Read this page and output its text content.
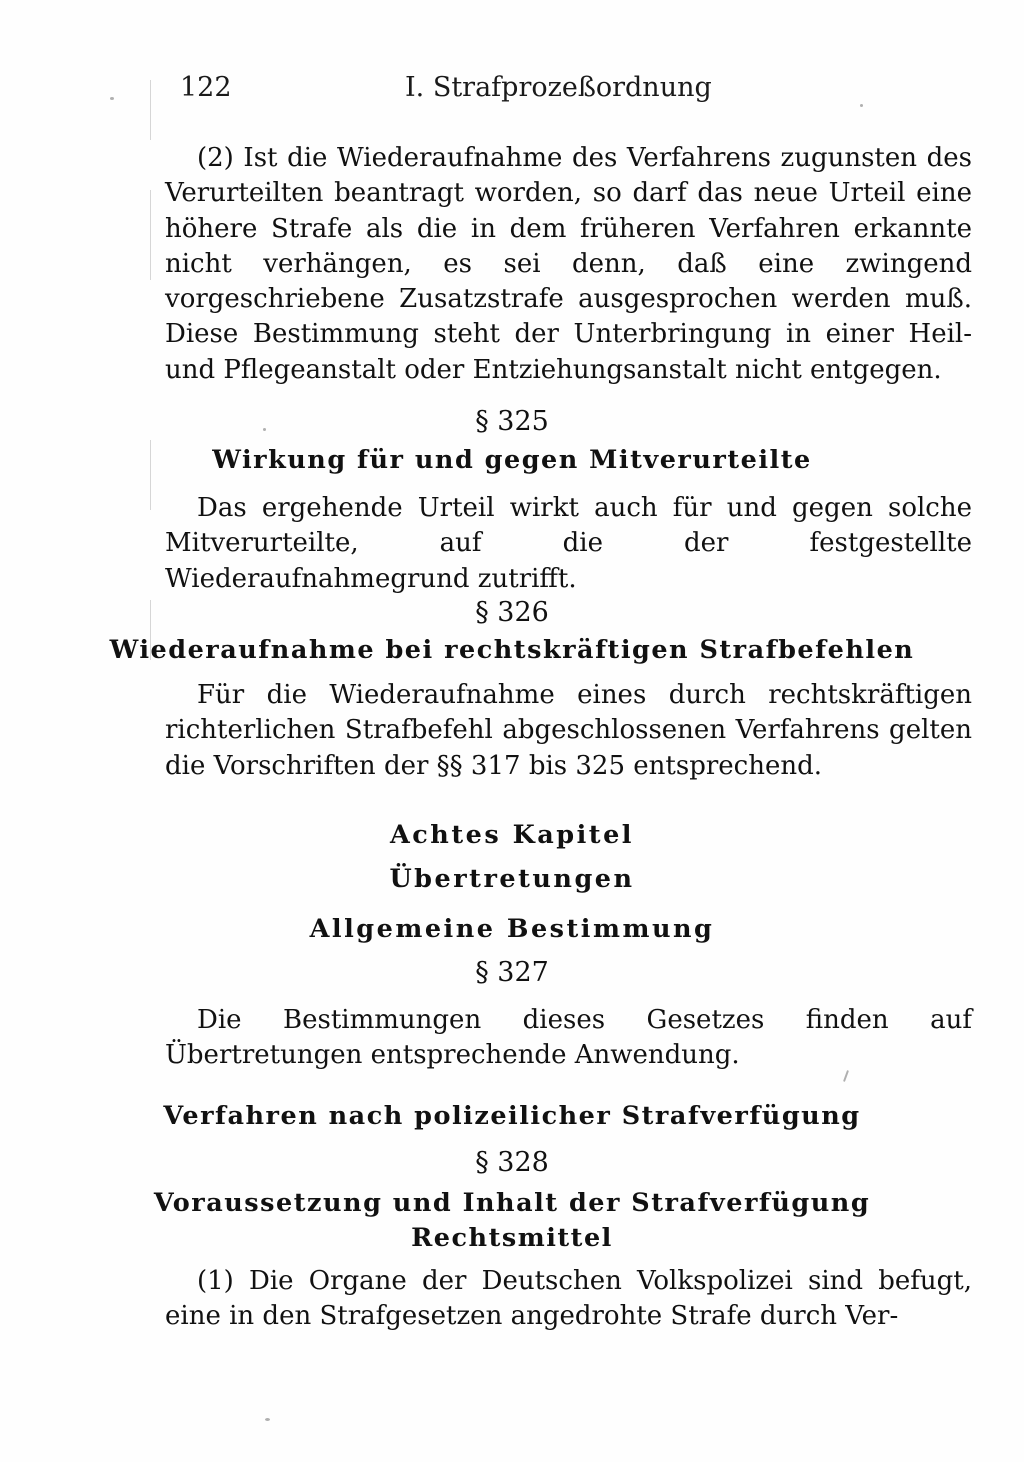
122	I. Strafprozeßordnung

(2) Ist die Wiederaufnahme des Verfahrens zugunsten des Verurteilten beantragt worden, so darf das neue Urteil eine höhere Strafe als die in dem früheren Verfahren erkannte nicht verhängen, es sei denn, daß eine zwingend vorgeschriebene Zusatzstrafe ausgesprochen werden muß. Diese Bestimmung steht der Unterbringung in einer Heil- und Pflegeanstalt oder Entziehungsanstalt nicht entgegen.

§ 325

Wirkung für und gegen Mitverurteilte

Das ergehende Urteil wirkt auch für und gegen solche Mitverurteilte, auf die der festgestellte Wiederaufnahmegrund zutrifft.

§ 326

Wiederaufnahme bei rechtskräftigen Strafbefehlen

Für die Wiederaufnahme eines durch rechtskräftigen richterlichen Strafbefehl abgeschlossenen Verfahrens gelten die Vorschriften der §§ 317 bis 325 entsprechend.

Achtes Kapitel

Übertretungen

Allgemeine Bestimmung

§ 327

Die Bestimmungen dieses Gesetzes finden auf Übertretungen entsprechende Anwendung.

Verfahren nach polizeilicher Strafverfügung

§ 328

Voraussetzung und Inhalt der Strafverfügung

Rechtsmittel

(1) Die Organe der Deutschen Volkspolizei sind befugt, eine in den Strafgesetzen angedrohte Strafe durch Ver-
